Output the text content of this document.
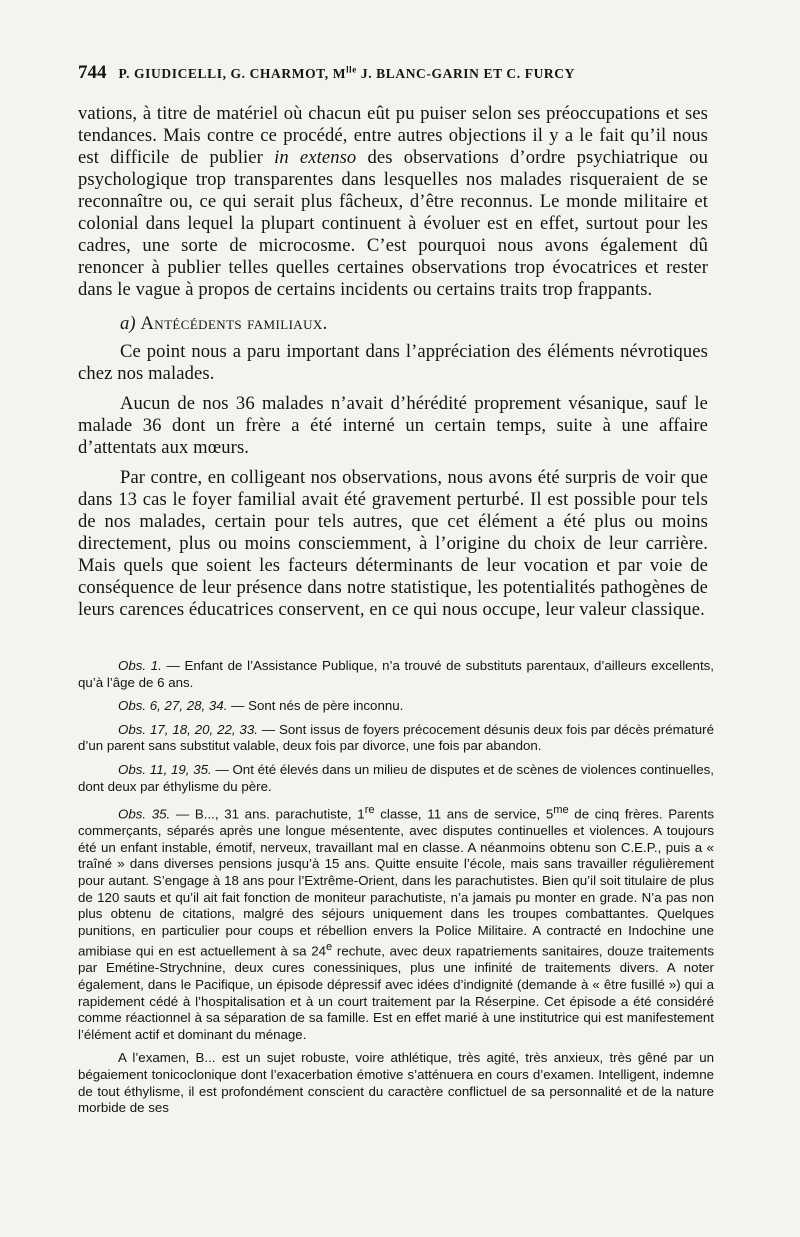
744 P. GIUDICELLI, G. CHARMOT, $M^{lle}$ J. BLANC-GARIN ET C. FURCY

vations, à titre de matériel où chacun eût pu puiser selon ses préoccupations et ses tendances. Mais contre ce procédé, entre autres objections il y a le fait qu’il nous est difficile de publier in extenso des observations d’ordre psychiatrique ou psychologique trop transparentes dans lesquelles nos malades risqueraient de se reconnaître ou, ce qui serait plus fâcheux, d’être reconnus. Le monde militaire et colonial dans lequel la plupart continuent à évoluer est en effet, surtout pour les cadres, une sorte de microcosme. C’est pourquoi nous avons également dû renoncer à publier telles quelles certaines observations trop évocatrices et rester dans le vague à propos de certains incidents ou certains traits trop frappants.

a) Antécédents familiaux.

Ce point nous a paru important dans l’appréciation des éléments névrotiques chez nos malades.

Aucun de nos 36 malades n’avait d’hérédité proprement vésanique, sauf le malade 36 dont un frère a été interné un certain temps, suite à une affaire d’attentats aux mœurs.

Par contre, en colligeant nos observations, nous avons été surpris de voir que dans 13 cas le foyer familial avait été gravement perturbé. Il est possible pour tels de nos malades, certain pour tels autres, que cet élément a été plus ou moins directement, plus ou moins consciemment, à l’origine du choix de leur carrière. Mais quels que soient les facteurs déterminants de leur vocation et par voie de conséquence de leur présence dans notre statistique, les potentialités pathogènes de leurs carences éducatrices conservent, en ce qui nous occupe, leur valeur classique.

Obs. 1. — Enfant de l’Assistance Publique, n’a trouvé de substituts parentaux, d’ailleurs excellents, qu’à l’âge de 6 ans.

Obs. 6, 27, 28, 34. — Sont nés de père inconnu.

Obs. 17, 18, 20, 22, 33. — Sont issus de foyers précocement désunis deux fois par décès prématuré d’un parent sans substitut valable, deux fois par divorce, une fois par abandon.

Obs. 11, 19, 35. — Ont été élevés dans un milieu de disputes et de scènes de violences continuelles, dont deux par éthylisme du père.

Obs. 35. — B..., 31 ans. parachutiste, 1re classe, 11 ans de service, $5^{me}$ de cinq frères. Parents commerçants, séparés après une longue mésentente, avec disputes continuelles et violences. A toujours été un enfant instable, émotif, nerveux, travaillant mal en classe. A néanmoins obtenu son C.E.P., puis a « traîné » dans diverses pensions jusqu’à 15 ans. Quitte ensuite l’école, mais sans travailler régulièrement pour autant. S’engage à 18 ans pour l’Extrême-Orient, dans les parachutistes. Bien qu’il soit titulaire de plus de 120 sauts et qu’il ait fait fonction de moniteur parachutiste, n’a jamais pu monter en grade. N’a pas non plus obtenu de citations, malgré des séjours uniquement dans les troupes combattantes. Quelques punitions, en particulier pour coups et rébellion envers la Police Militaire. A contracté en Indochine une amibiase qui en est actuellement à sa 24e rechute, avec deux rapatriements sanitaires, douze traitements par Emétine-Strychnine, deux cures conessiniques, plus une infinité de traitements divers. A noter également, dans le Pacifique, un épisode dépressif avec idées d’indignité (demande à « être fusillé ») qui a rapidement cédé à l’hospitalisation et à un court traitement par la Réserpine. Cet épisode a été considéré comme réactionnel à sa séparation de sa famille. Est en effet marié à une institutrice qui est manifestement l’élément actif et dominant du ménage.

A l’examen, B... est un sujet robuste, voire athlétique, très agité, très anxieux, très gêné par un bégaiement tonicoclonique dont l’exacerbation émotive s’atténuera en cours d’examen. Intelligent, indemne de tout éthylisme, il est profondément conscient du caractère conflictuel de sa personnalité et de la nature morbide de ses
